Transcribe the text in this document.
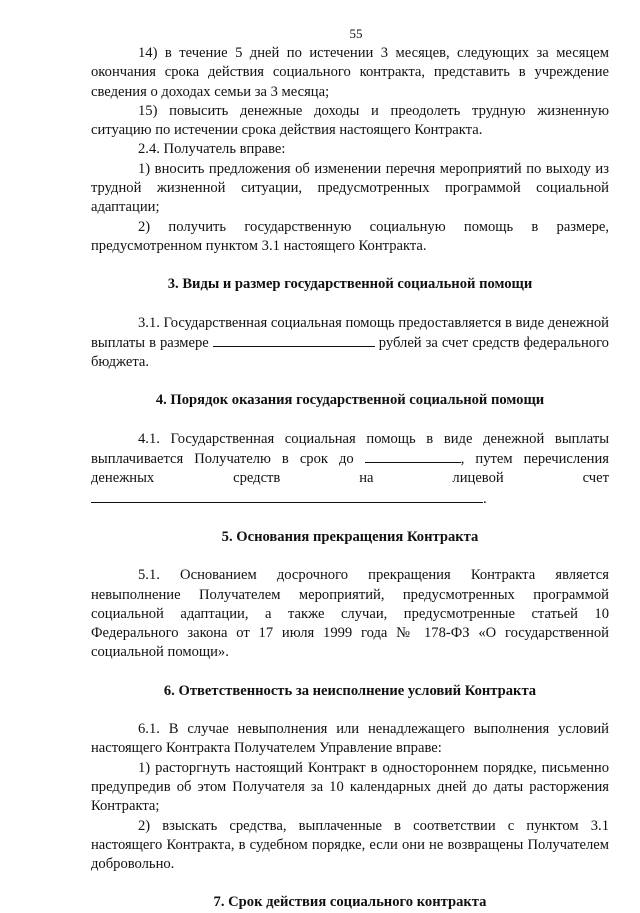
55

14) в течение 5 дней по истечении 3 месяцев, следующих за месяцем окончания срока действия социального контракта, представить в учреждение сведения о доходах семьи за 3 месяца;

15) повысить денежные доходы и преодолеть трудную жизненную ситуацию по истечении срока действия настоящего Контракта.

2.4. Получатель вправе:

1) вносить предложения об изменении перечня мероприятий по выходу из трудной жизненной ситуации, предусмотренных программой социальной адаптации;

2) получить государственную социальную помощь в размере, предусмотренном пунктом 3.1 настоящего Контракта.

3. Виды и размер государственной социальной помощи

3.1. Государственная социальная помощь предоставляется в виде денежной выплаты в размере	рублей за счет средств федерального бюджета.

4. Порядок оказания государственной социальной помощи

4.1. Государственная социальная помощь в виде денежной выплаты выплачивается Получателю в срок до	, путем перечисления денежных средств на лицевой счет .

5. Основания прекращения Контракта

5.1. Основанием досрочного прекращения Контракта является невыполнение Получателем мероприятий, предусмотренных программой социальной адаптации, а также случаи, предусмотренные статьей 10 Федерального закона от 17 июля 1999 года № 178-ФЗ «О государственной социальной помощи».

6. Ответственность за неисполнение условий Контракта

6.1. В случае невыполнения или ненадлежащего выполнения условий настоящего Контракта Получателем Управление вправе:

1) расторгнуть настоящий Контракт в одностороннем порядке, письменно предупредив об этом Получателя за 10 календарных дней до даты расторжения Контракта;

2) взыскать средства, выплаченные в соответствии с пунктом 3.1 настоящего Контракта, в судебном порядке, если они не возвращены Получателем добровольно.

7. Срок действия социального контракта
